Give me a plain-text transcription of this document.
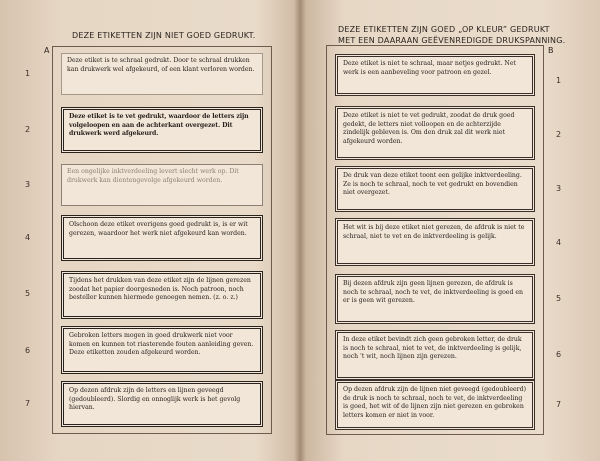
DEZE ETIKETTEN ZIJN NIET GOED GEDRUKT.
A
1
Deze etiket is te schraal gedrukt. Door te schraal drukken kan drukwerk wel afgekeurd, of een klant verloren worden.
2
Deze etiket is te vet gedrukt, waardoor de letters zijn volgeloopen en aan de achterkant overgezet. Dit drukwerk werd afgekeurd.
3
Een ongelijke inktverdeeling levert slecht werk op. Dit drukwerk kan dientengevolge afgekeurd worden.
4
Olschoon deze etiket overigens goed gedrukt is, is er wit gerezen, waardoor het werk niet afgekeurd kan worden.
5
Tijdens het drukken van deze etiket zijn de lijnen gerezen zoodat het papier doorgesneden is. Noch patroon, noch besteller kunnen hiermede genoegen nemen. (z. o. z.)
6
Gebroken letters mogen in goed drukwerk niet voor komen en kunnen tot riasterende fouten aanleiding geven. Deze etiketten zouden afgekeurd worden.
7
Op dezen afdruk zijn de letters en lijnen geveegd (gedoubleerd). Slordig en onnoglijk werk is het gevolg hiervan.
DEZE ETIKETTEN ZIJN GOED „OP KLEUR” GEDRUKT MET EEN DAARAAN GEËVENREDIGDE DRUKSPANNING.
B
1
Deze etiket is niet te schraal, maar netjes gedrukt. Net werk is een aanbeveling voor patroon en gezel.
2
Deze etiket is niet te vet gedrukt, zoodat de druk goed gedekt, de letters niet volloopen en de achterzijde zindelijk gebleven is. Om den druk zal dit werk niet afgekeurd worden.
3
De druk van deze etiket toont een gelijke inktverdeeling. Ze is noch te schraal, noch te vet gedrukt en bovendien niet overgezet.
4
Het wit is bij deze etiket niet gerezen, de afdruk is niet te schraal, niet te vet en de inktverdeeling is gelijk.
5
Bij dezen afdruk zijn geen lijnen gerezen, de afdruk is noch te schraal, noch te vet, de inktverdeeling is goed en er is geen wit gerezen.
6
In deze etiket bevindt zich geen gebroken letter, de druk is noch te schraal, niet te vet, de inktverdeeling is gelijk, noch 't wit, noch lijnen zijn gerezen.
7
Op dezen afdruk zijn de lijnen niet geveegd (gedoubleerd) de druk is noch te schraal, noch te vet, de inktverdeeling is goed, het wit of de lijnen zijn niet gerezen en gebroken letters komen er niet in voor.
